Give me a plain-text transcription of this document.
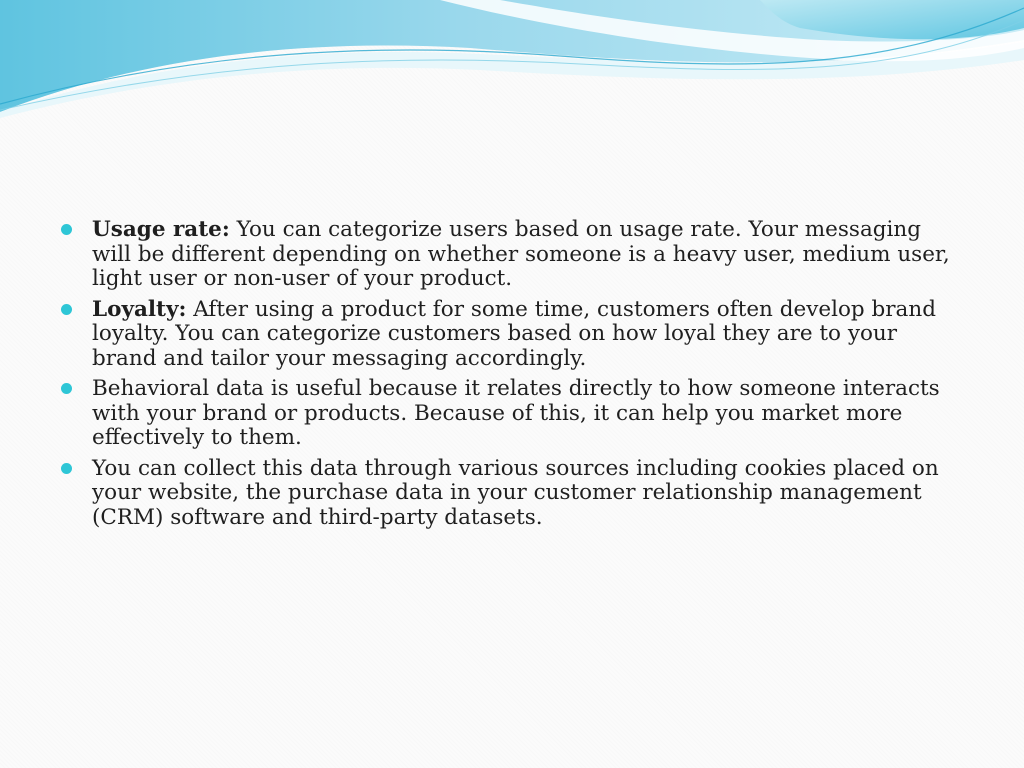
Usage rate: You can categorize users based on usage rate. Your messaging will be different depending on whether someone is a heavy user, medium user, light user or non-user of your product.
Loyalty: After using a product for some time, customers often develop brand loyalty. You can categorize customers based on how loyal they are to your brand and tailor your messaging accordingly.
Behavioral data is useful because it relates directly to how someone interacts with your brand or products. Because of this, it can help you market more effectively to them.
You can collect this data through various sources including cookies placed on your website, the purchase data in your customer relationship management (CRM) software and third-party datasets.
